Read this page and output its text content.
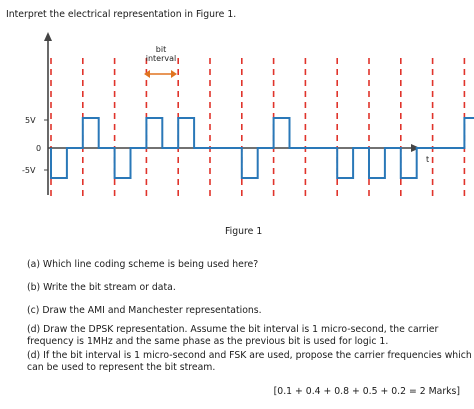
5V
0
-5V
t
bit
interval
Interpret the electrical representation in Figure 1.
Figure 1
(a) Which line coding scheme is being used here?
(b) Write the bit stream or data.
(c) Draw the AMI and Manchester representations.
(d) Draw the DPSK representation. Assume the bit interval is 1 micro-second, the carrier frequency is 1MHz and the same phase as the previous bit is used for logic 1.
(d) If the bit interval is 1 micro-second and FSK are used, propose the carrier frequencies which can be used to represent the bit stream.
[0.1 + 0.4 + 0.8 + 0.5 + 0.2 = 2 Marks]
